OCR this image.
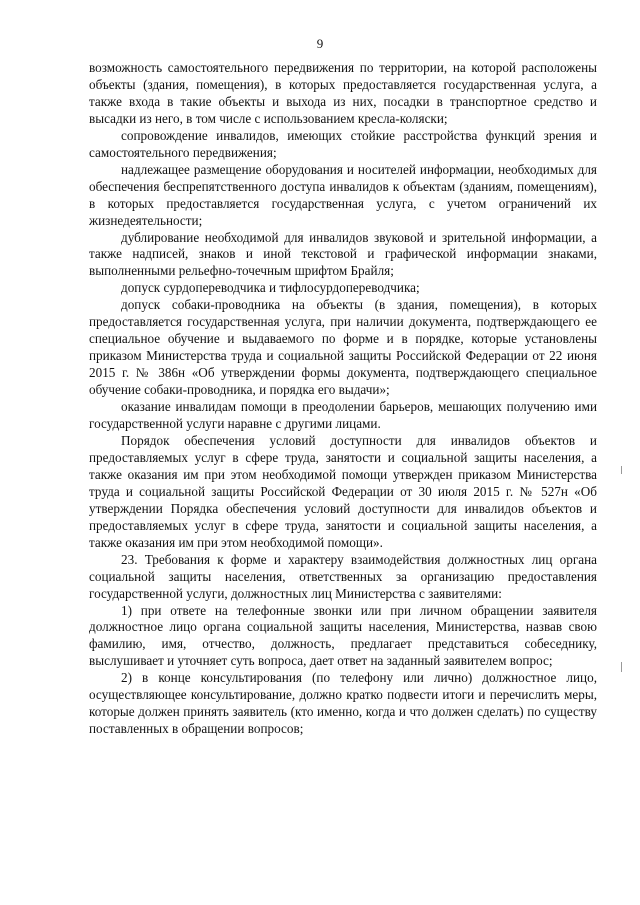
9

возможность самостоятельного передвижения по территории, на которой расположены объекты (здания, помещения), в которых предоставляется государственная услуга, а также входа в такие объекты и выхода из них, посадки в транспортное средство и высадки из него, в том числе с использованием кресла-коляски;

сопровождение инвалидов, имеющих стойкие расстройства функций зрения и самостоятельного передвижения;

надлежащее размещение оборудования и носителей информации, необходимых для обеспечения беспрепятственного доступа инвалидов к объектам (зданиям, помещениям), в которых предоставляется государственная услуга, с учетом ограничений их жизнедеятельности;

дублирование необходимой для инвалидов звуковой и зрительной информации, а также надписей, знаков и иной текстовой и графической информации знаками, выполненными рельефно-точечным шрифтом Брайля;

допуск сурдопереводчика и тифлосурдопереводчика;

допуск собаки-проводника на объекты (в здания, помещения), в которых предоставляется государственная услуга, при наличии документа, подтверждающего ее специальное обучение и выдаваемого по форме и в порядке, которые установлены приказом Министерства труда и социальной защиты Российской Федерации от 22 июня 2015 г. № 386н «Об утверждении формы документа, подтверждающего специальное обучение собаки-проводника, и порядка его выдачи»;

оказание инвалидам помощи в преодолении барьеров, мешающих получению ими государственной услуги наравне с другими лицами.

Порядок обеспечения условий доступности для инвалидов объектов и предоставляемых услуг в сфере труда, занятости и социальной защиты населения, а также оказания им при этом необходимой помощи утвержден приказом Министерства труда и социальной защиты Российской Федерации от 30 июля 2015 г. № 527н «Об утверждении Порядка обеспечения условий доступности для инвалидов объектов и предоставляемых услуг в сфере труда, занятости и социальной защиты населения, а также оказания им при этом необходимой помощи».

23. Требования к форме и характеру взаимодействия должностных лиц органа социальной защиты населения, ответственных за организацию предоставления государственной услуги, должностных лиц Министерства с заявителями:

1) при ответе на телефонные звонки или при личном обращении заявителя должностное лицо органа социальной защиты населения, Министерства, назвав свою фамилию, имя, отчество, должность, предлагает представиться собеседнику, выслушивает и уточняет суть вопроса, дает ответ на заданный заявителем вопрос;

2) в конце консультирования (по телефону или лично) должностное лицо, осуществляющее консультирование, должно кратко подвести итоги и перечислить меры, которые должен принять заявитель (кто именно, когда и что должен сделать) по существу поставленных в обращении вопросов;
